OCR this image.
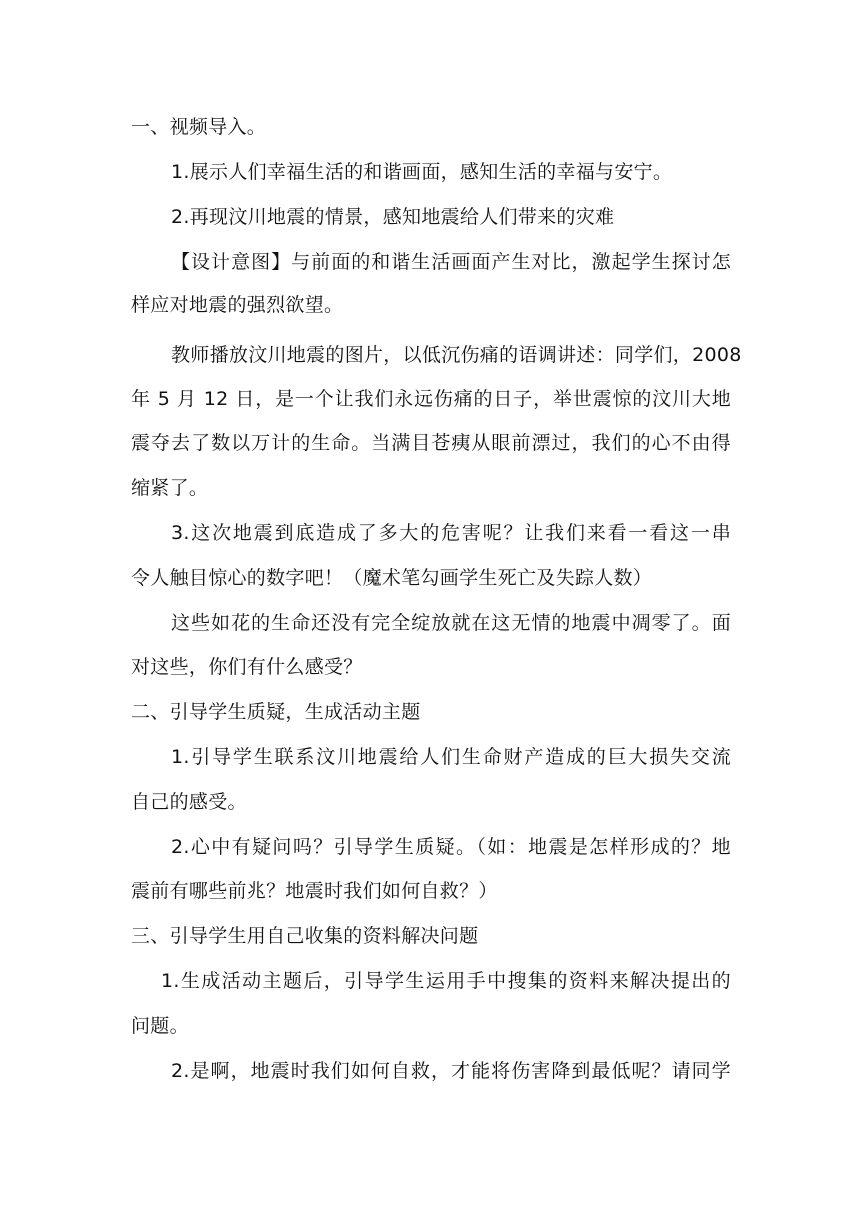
一、视频导入。
1.展示人们幸福生活的和谐画面，感知生活的幸福与安宁。
2.再现汶川地震的情景，感知地震给人们带来的灾难
【设计意图】与前面的和谐生活画面产生对比，激起学生探讨怎
样应对地震的强烈欲望。
教师播放汶川地震的图片，以低沉伤痛的语调讲述：同学们，2008
年 5 月 12 日，是一个让我们永远伤痛的日子，举世震惊的汶川大地
震夺去了数以万计的生命。当满目苍痍从眼前漂过，我们的心不由得
缩紧了。
3.这次地震到底造成了多大的危害呢？让我们来看一看这一串
令人触目惊心的数字吧！（魔术笔勾画学生死亡及失踪人数）
这些如花的生命还没有完全绽放就在这无情的地震中凋零了。面
对这些，你们有什么感受？
二、引导学生质疑，生成活动主题
1.引导学生联系汶川地震给人们生命财产造成的巨大损失交流
自己的感受。
2.心中有疑问吗？引导学生质疑。（如：地震是怎样形成的？地
震前有哪些前兆？地震时我们如何自救？）
三、引导学生用自己收集的资料解决问题
1.生成活动主题后，引导学生运用手中搜集的资料来解决提出的
问题。
2.是啊，地震时我们如何自救，才能将伤害降到最低呢？请同学
